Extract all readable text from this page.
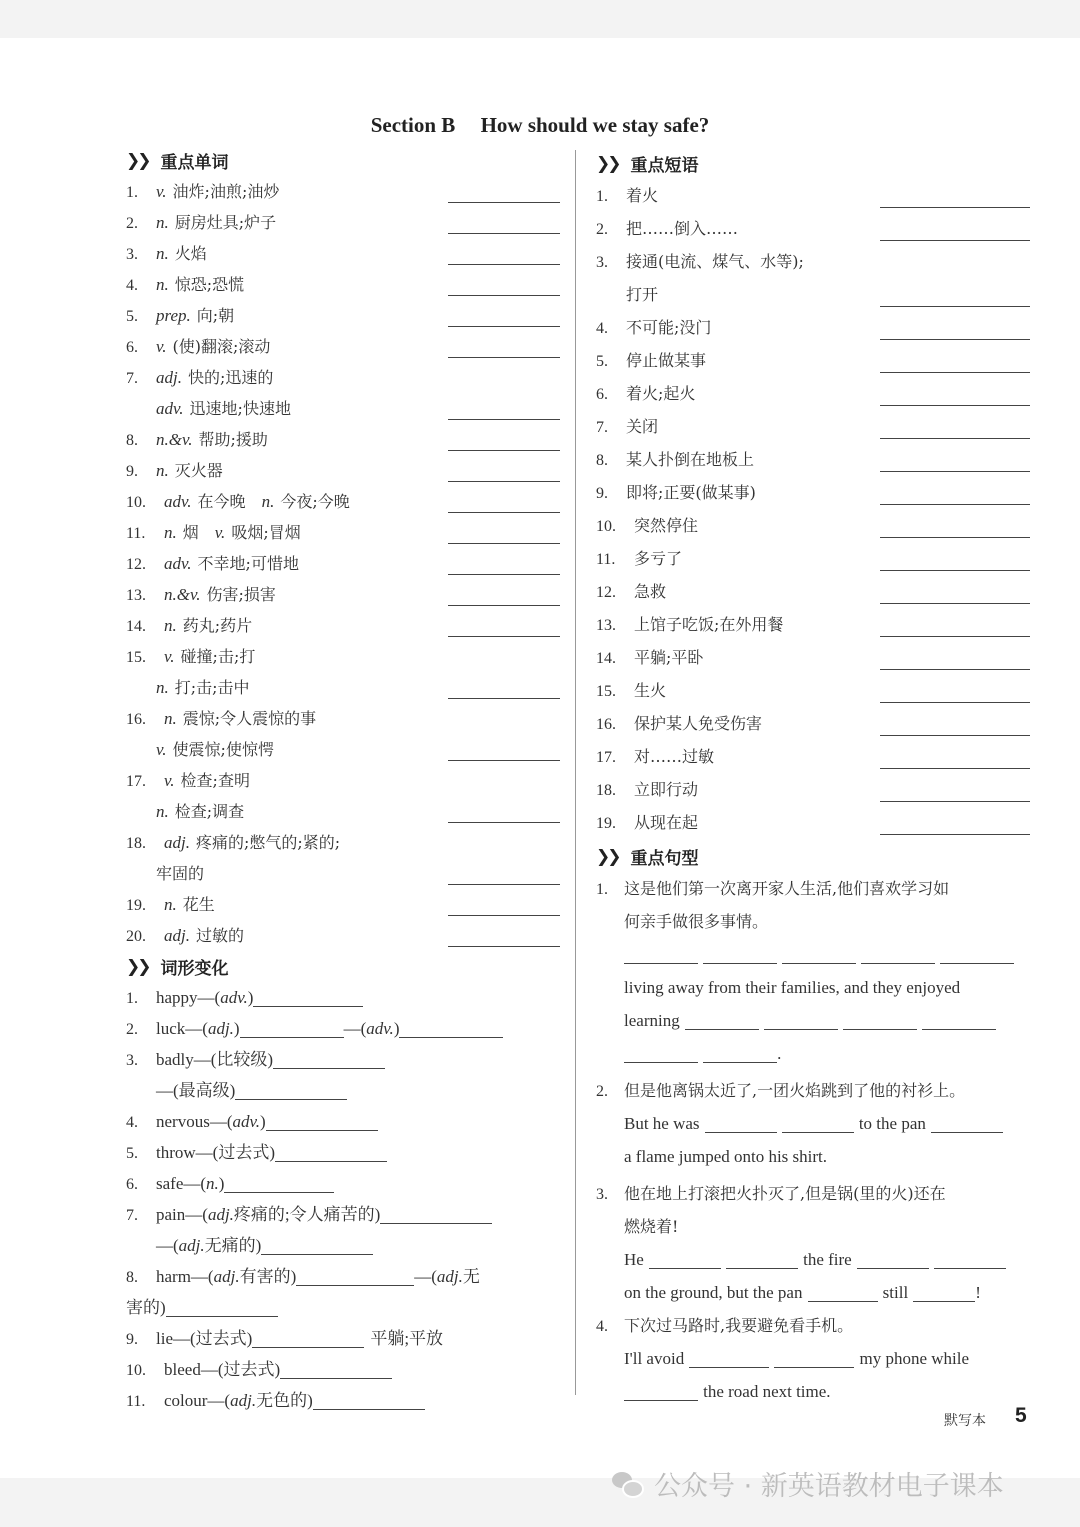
Section B How should we stay safe?
❯❯ 重点单词
1. v. 油炸;油煎;油炒
2. n. 厨房灶具;炉子
3. n. 火焰
4. n. 惊恐;恐慌
5. prep. 向;朝
6. v. (使)翻滚;滚动
7. adj. 快的;迅速的
adv. 迅速地;快速地
8. n.&v. 帮助;援助
9. n. 灭火器
10. adv. 在今晚 n. 今夜;今晚
11. n. 烟 v. 吸烟;冒烟
12. adv. 不幸地;可惜地
13. n.&v. 伤害;损害
14. n. 药丸;药片
15. v. 碰撞;击;打
n. 打;击;击中
16. n. 震惊;令人震惊的事
v. 使震惊;使惊愕
17. v. 检查;查明
n. 检查;调查
18. adj. 疼痛的;憋气的;紧的;
牢固的
19. n. 花生
20. adj. 过敏的
❯❯ 词形变化
1. happy—(adv.)
2. luck—(adj.)	—(adv.)
3. badly—(比较级)
—(最高级)
4. nervous—(adv.)
5. throw—(过去式)
6. safe—(n.)
7. pain—(adj.疼痛的;令人痛苦的)
—(adj.无痛的)
8. harm—(adj.有害的)	—(adj.无
害的)
9. lie—(过去式)	平躺;平放
10. bleed—(过去式)
11. colour—(adj.无色的)
❯❯ 重点短语
1. 着火
2. 把……倒入……
3. 接通(电流、煤气、水等);
打开
4. 不可能;没门
5. 停止做某事
6. 着火;起火
7. 关闭
8. 某人扑倒在地板上
9. 即将;正要(做某事)
10. 突然停住
11. 多亏了
12. 急救
13. 上馆子吃饭;在外用餐
14. 平躺;平卧
15. 生火
16. 保护某人免受伤害
17. 对……过敏
18. 立即行动
19. 从现在起
❯❯ 重点句型
1. 这是他们第一次离开家人生活,他们喜欢学习如
何亲手做很多事情。

living away from their families, and they enjoyed
learning
.
2. 但是他离锅太近了,一团火焰跳到了他的衬衫上。
But he was	to the pan
a flame jumped onto his shirt.
3. 他在地上打滚把火扑灭了,但是锅(里的火)还在
燃烧着!
He	the fire
on the ground, but the pan	still	!
4. 下次过马路时,我要避免看手机。
I'll avoid	my phone while
the road next time.
默写本 5
公众号 · 新英语教材电子课本
